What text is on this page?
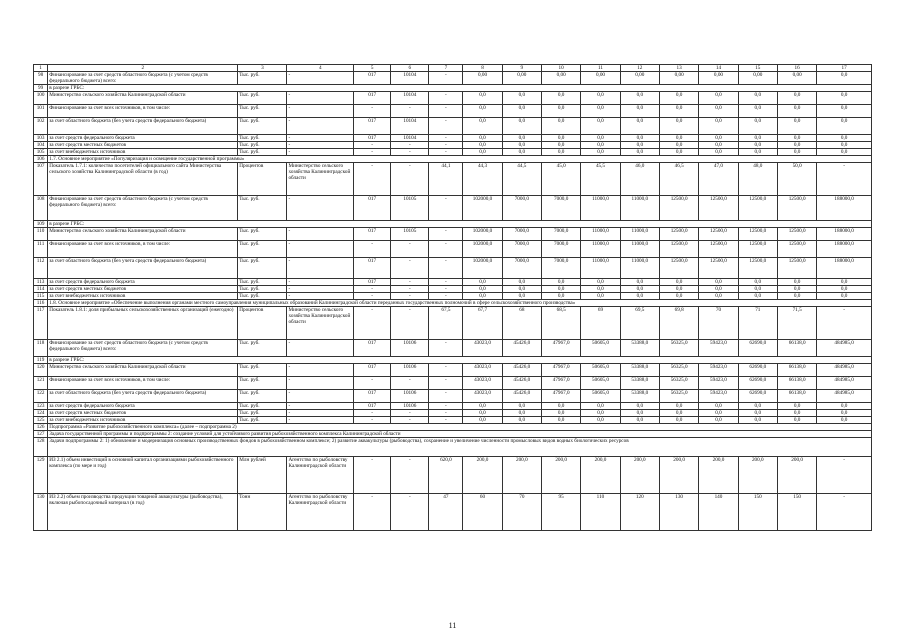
1	2	3	4	5	6	7	8	9	10	11	12	13	14	15	16	17
98	Финансирование за счет средств областного бюджета (с учетом средств федерального бюджета) всего:	Тыс. руб.	-	017	10104	-	0,00	0,00	0,00	0,00	0,00	0,00	0,00	0,00	0,00	0,0
99	в разрезе ГРБС:															
100	Министерство сельского хозяйства Калининградской области	Тыс. руб.	-	017	10104	-	0,0	0,0	0,0	0,0	0,0	0,0	0,0	0,0	0,0	0,0
101	Финансирование за счет всех источников, в том числе:	Тыс. руб.	-	-	-	-	0,0	0,0	0,0	0,0	0,0	0,0	0,0	0,0	0,0	0,0
102	за счет областного бюджета (без учета средств федерального бюджета)	Тыс. руб.	-	017	10104	-	0,0	0,0	0,0	0,0	0,0	0,0	0,0	0,0	0,0	0,0
103	за счет средств федерального бюджета	Тыс. руб.	-	017	10104	-	0,0	0,0	0,0	0,0	0,0	0,0	0,0	0,0	0,0	0,0
104	за счет средств местных бюджетов	Тыс. руб.	-	-	-	-	0,0	0,0	0,0	0,0	0,0	0,0	0,0	0,0	0,0	0,0
105	за счет внебюджетных источников	Тыс. руб.	-	-	-	-	0,0	0,0	0,0	0,0	0,0	0,0	0,0	0,0	0,0	0,0
106	1.7. Основное мероприятие «Популяризация и освещение государственной программы»															
107	Показатель 1.7.1: количество посетителей официального сайта Министерства сельского хозяйства Калининградской области (в год)	Процентов	Министерство сельского хозяйства Калининградской области	-	-	44,1	44,3	44,5	45,0	45,5	46,0	46,5	47,0	48,0	50,0	-
108	Финансирование за счет средств областного бюджета (с учетом средств федерального бюджета) всего:	Тыс. руб.	-	017	10105	-	102000,0	7000,0	7000,0	11000,0	11000,0	12500,0	12500,0	12500,0	12500,0	188000,0
109	в разрезе ГРБС:															
110	Министерство сельского хозяйства Калининградской области	Тыс. руб.	-	017	10105	-	102000,0	7000,0	7000,0	11000,0	11000,0	12500,0	12500,0	12500,0	12500,0	188000,0
111	Финансирование за счет всех источников, в том числе:	Тыс. руб.	-	-	-	-	102000,0	7000,0	7000,0	11000,0	11000,0	12500,0	12500,0	12500,0	12500,0	188000,0
112	за счет областного бюджета (без учета средств федерального бюджета)	Тыс. руб.	-	017	-	-	102000,0	7000,0	7000,0	11000,0	11000,0	12500,0	12500,0	12500,0	12500,0	188000,0
113	за счет средств федерального бюджета	Тыс. руб.	-	017	-	-	0,0	0,0	0,0	0,0	0,0	0,0	0,0	0,0	0,0	0,0
114	за счет средств местных бюджетов	Тыс. руб.	-	-	-	-	0,0	0,0	0,0	0,0	0,0	0,0	0,0	0,0	0,0	0,0
115	за счет внебюджетных источников	Тыс. руб.	-	-	-	-	0,0	0,0	0,0	0,0	0,0	0,0	0,0	0,0	0,0	0,0
116	1.8. Основное мероприятие «Обеспечение выполнения органами местного самоуправления муниципальных образований Калининградской области переданных государственных полномочий в сфере сельскохозяйственного производства»															
117	Показатель 1.8.1: доля прибыльных сельскохозяйственных организаций (ежегодно)	Процентов	Министерство сельского хозяйства Калининградской области	-	-	67,5	67,7	68	68,5	69	69,5	69,8	70	71	71,5	-
118	Финансирование за счет средств областного бюджета (с учетом средств федерального бюджета) всего:	Тыс. руб.	-	017	10106	-	43023,0	45426,0	47967,0	50605,0	53388,0	56325,0	59423,0	62690,0	66138,0	484985,0
119	в разрезе ГРБС:															
120	Министерство сельского хозяйства Калининградской области	Тыс. руб.	-	017	10106	-	43023,0	45426,0	47967,0	50605,0	53388,0	56325,0	59423,0	62690,0	66138,0	484985,0
121	Финансирование за счет всех источников, в том числе:	Тыс. руб.	-	-	-	-	43023,0	45426,0	47967,0	50605,0	53388,0	56325,0	59423,0	62690,0	66138,0	484985,0
122	за счет областного бюджета (без учета средств федерального бюджета)	Тыс. руб.	-	017	10106	-	43023,0	45426,0	47967,0	50605,0	53388,0	56325,0	59423,0	62690,0	66138,0	484985,0
123	за счет средств федерального бюджета	Тыс. руб.	-	017	10106	-	0,0	0,0	0,0	0,0	0,0	0,0	0,0	0,0	0,0	0,0
124	за счет средств местных бюджетов	Тыс. руб.	-	-	-	-	0,0	0,0	0,0	0,0	0,0	0,0	0,0	0,0	0,0	0,0
125	за счет внебюджетных источников	Тыс. руб.	-	-	-	-	0,0	0,0	0,0	0,0	0,0	0,0	0,0	0,0	0,0	0,0
126	Подпрограмма «Развитие рыбохозяйственного комплекса» (далее – подпрограмма 2)															
127	Задача государственной программы и подпрограммы 2: создание условий для устойчивого развития рыбохозяйственного комплекса Калининградской области															
128	Задачи подпрограммы 2: 1) обновление и модернизация основных производственных фондов в рыбохозяйственном комплексе; 2) развитие аквакультуры (рыбоводства), сохранение и увеличение численности промысловых видов водных биологических ресурсов															
129	ИЗ 2.1) объем инвестиций в основной капитал организациями рыбохозяйственного комплекса (по мере и год)	Млн рублей	Агентство по рыболовству Калининградской области	-	-	620,0	200,0	200,0	200,0	200,0	200,0	200,0	200,0	200,0	200,0	-
130	ИЗ 2.2) объем производства продукции товарной аквакультуры (рыбоводства), включая рыбопосадочный материал (в год)	Тонн	Агентство по рыболовству Калининградской области	-	-	47	60	70	95	110	120	130	140	150	150	-
11
